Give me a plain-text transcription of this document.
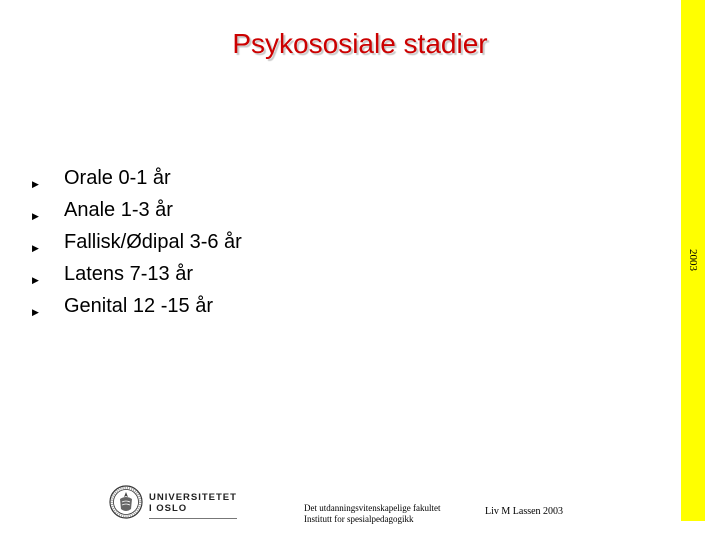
Psykososiale stadier
▶	Orale 0-1 år
▶	Anale 1-3 år
▶	Fallisk/Ødipal 3-6 år
▶	Latens 7-13 år
▶	Genital 12 -15 år
2003
UNIVERSITETET
I OSLO	Det utdanningsvitenskapelige fakultet
Institutt for spesialpedagogikk
Liv M Lassen 2003
